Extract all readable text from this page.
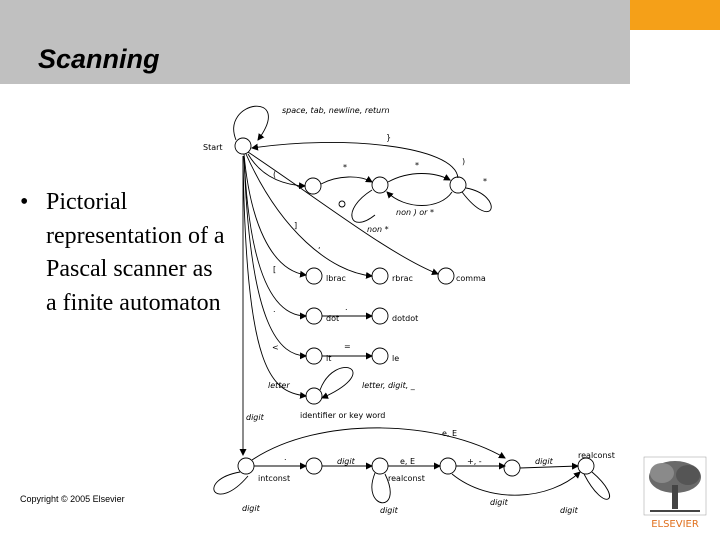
Scanning
• Pictorial representation of a Pascal scanner as a finite automaton
Copyright © 2005 Elsevier
Start
space, tab, newline, return
}
(
*	*
*
)
non ) or *
non *
[
]
,
lbrac	rbrac	comma
.	.
dot	dotdot
<	=
lt	le
letter	letter, digit, _
identifier or key word
digit
e, E
.	digit	e, E	+, -	digit
realconst
intconst	realconst
digit	digit
digit
digit
ELSEVIER
